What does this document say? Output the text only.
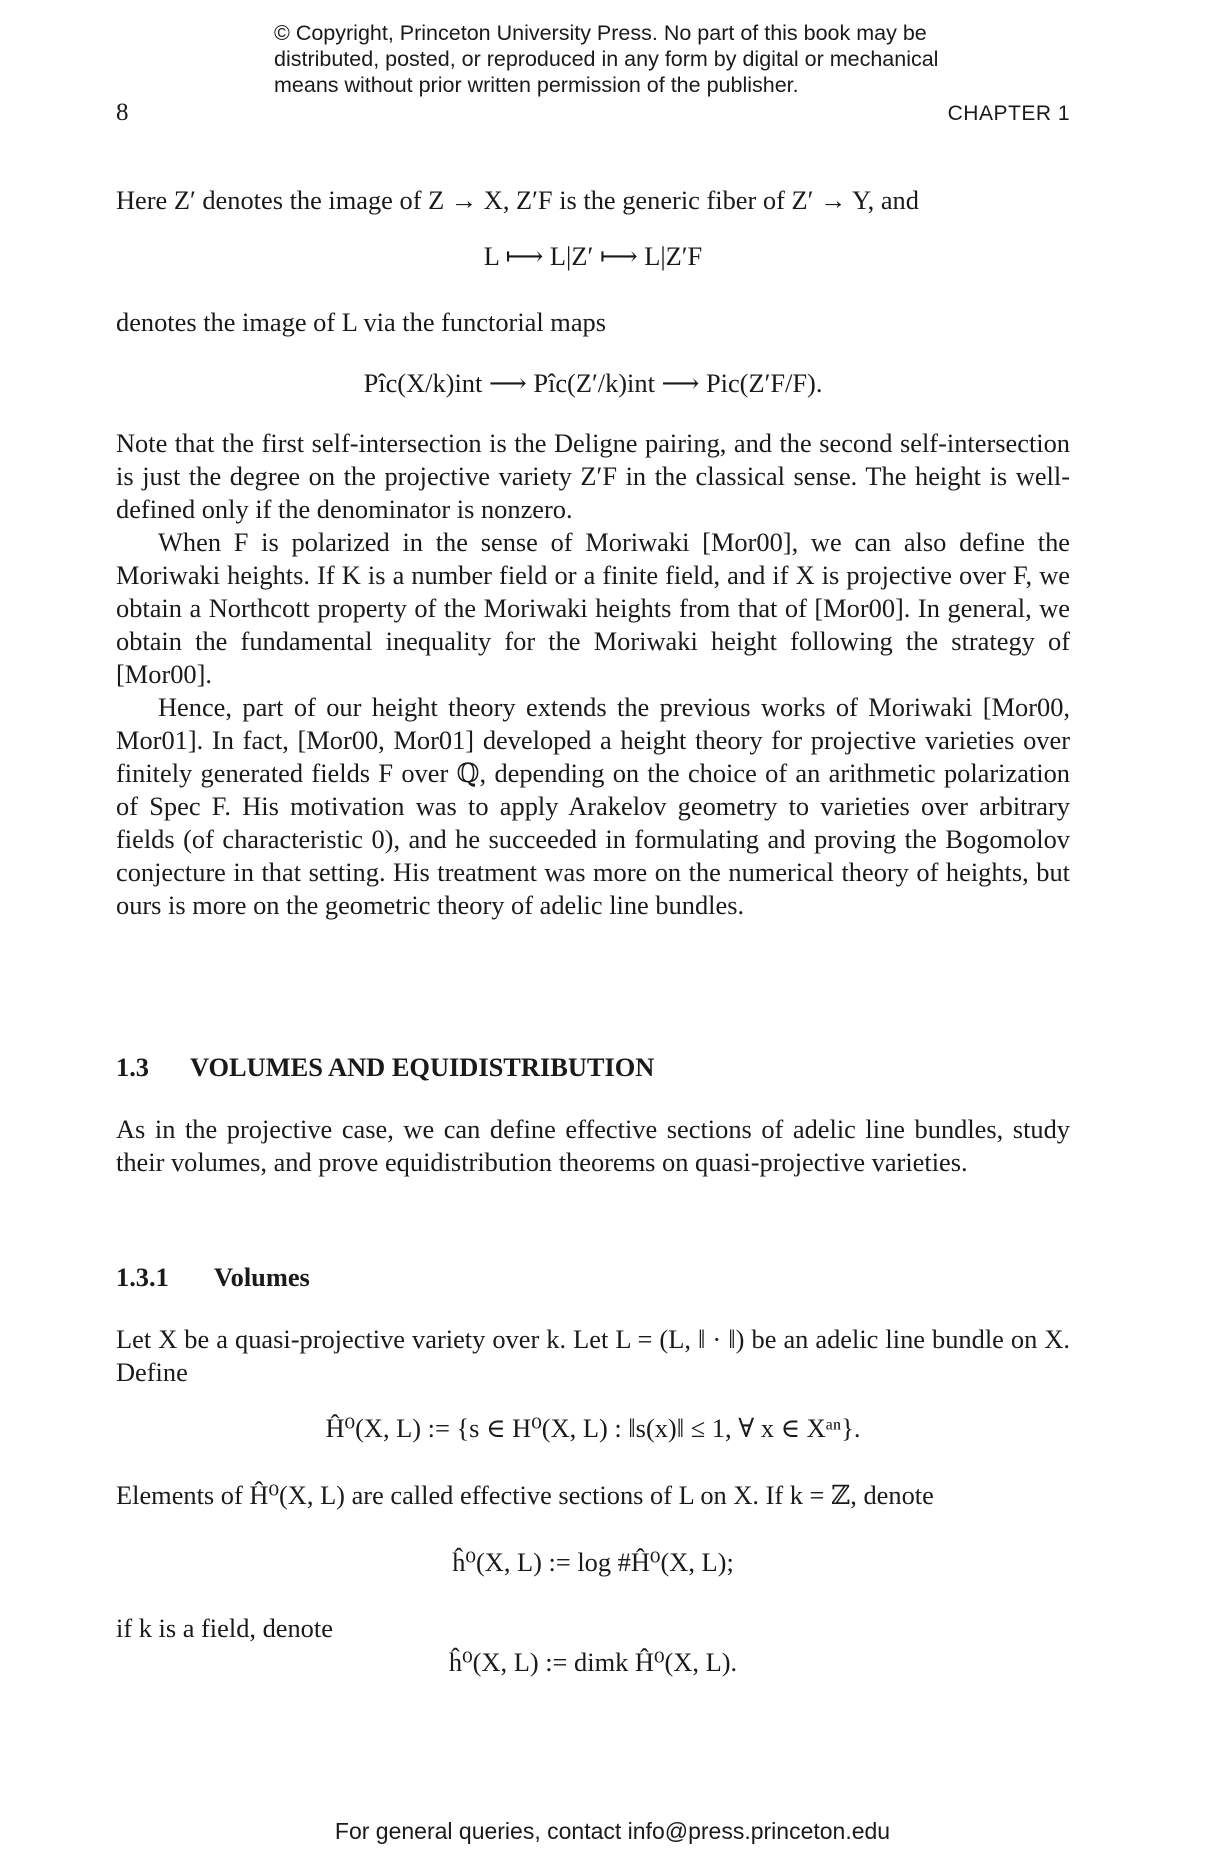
© Copyright, Princeton University Press. No part of this book may be
distributed, posted, or reproduced in any form by digital or mechanical
means without prior written permission of the publisher.
8	CHAPTER 1
Here Z′ denotes the image of Z → X, Z′F is the generic fiber of Z′ → Y, and
L ⟼ L|Z′ ⟼ L|Z′F
denotes the image of L via the functorial maps
Pîc(X/k)int ⟶ Pîc(Z′/k)int ⟶ Pic(Z′F/F).
Note that the first self-intersection is the Deligne pairing, and the second self-intersection is just the degree on the projective variety Z′F in the classical sense. The height is well-defined only if the denominator is nonzero.
When F is polarized in the sense of Moriwaki [Mor00], we can also define the Moriwaki heights. If K is a number field or a finite field, and if X is projective over F, we obtain a Northcott property of the Moriwaki heights from that of [Mor00]. In general, we obtain the fundamental inequality for the Moriwaki height following the strategy of [Mor00].
Hence, part of our height theory extends the previous works of Moriwaki [Mor00, Mor01]. In fact, [Mor00, Mor01] developed a height theory for projective varieties over finitely generated fields F over ℚ, depending on the choice of an arithmetic polarization of Spec F. His motivation was to apply Arakelov geometry to varieties over arbitrary fields (of characteristic 0), and he succeeded in formulating and proving the Bogomolov conjecture in that setting. His treatment was more on the numerical theory of heights, but ours is more on the geometric theory of adelic line bundles.
1.3 VOLUMES AND EQUIDISTRIBUTION
As in the projective case, we can define effective sections of adelic line bundles, study their volumes, and prove equidistribution theorems on quasi-projective varieties.
1.3.1 Volumes
Let X be a quasi-projective variety over k. Let L = (L, ‖ · ‖) be an adelic line bundle on X. Define
Ĥ⁰(X, L) := {s ∈ H⁰(X, L) : ‖s(x)‖ ≤ 1, ∀ x ∈ Xᵃⁿ}.
Elements of Ĥ⁰(X, L) are called effective sections of L on X. If k = ℤ, denote
ĥ⁰(X, L) := log #Ĥ⁰(X, L);
if k is a field, denote
ĥ⁰(X, L) := dimk Ĥ⁰(X, L).
For general queries, contact info@press.princeton.edu
